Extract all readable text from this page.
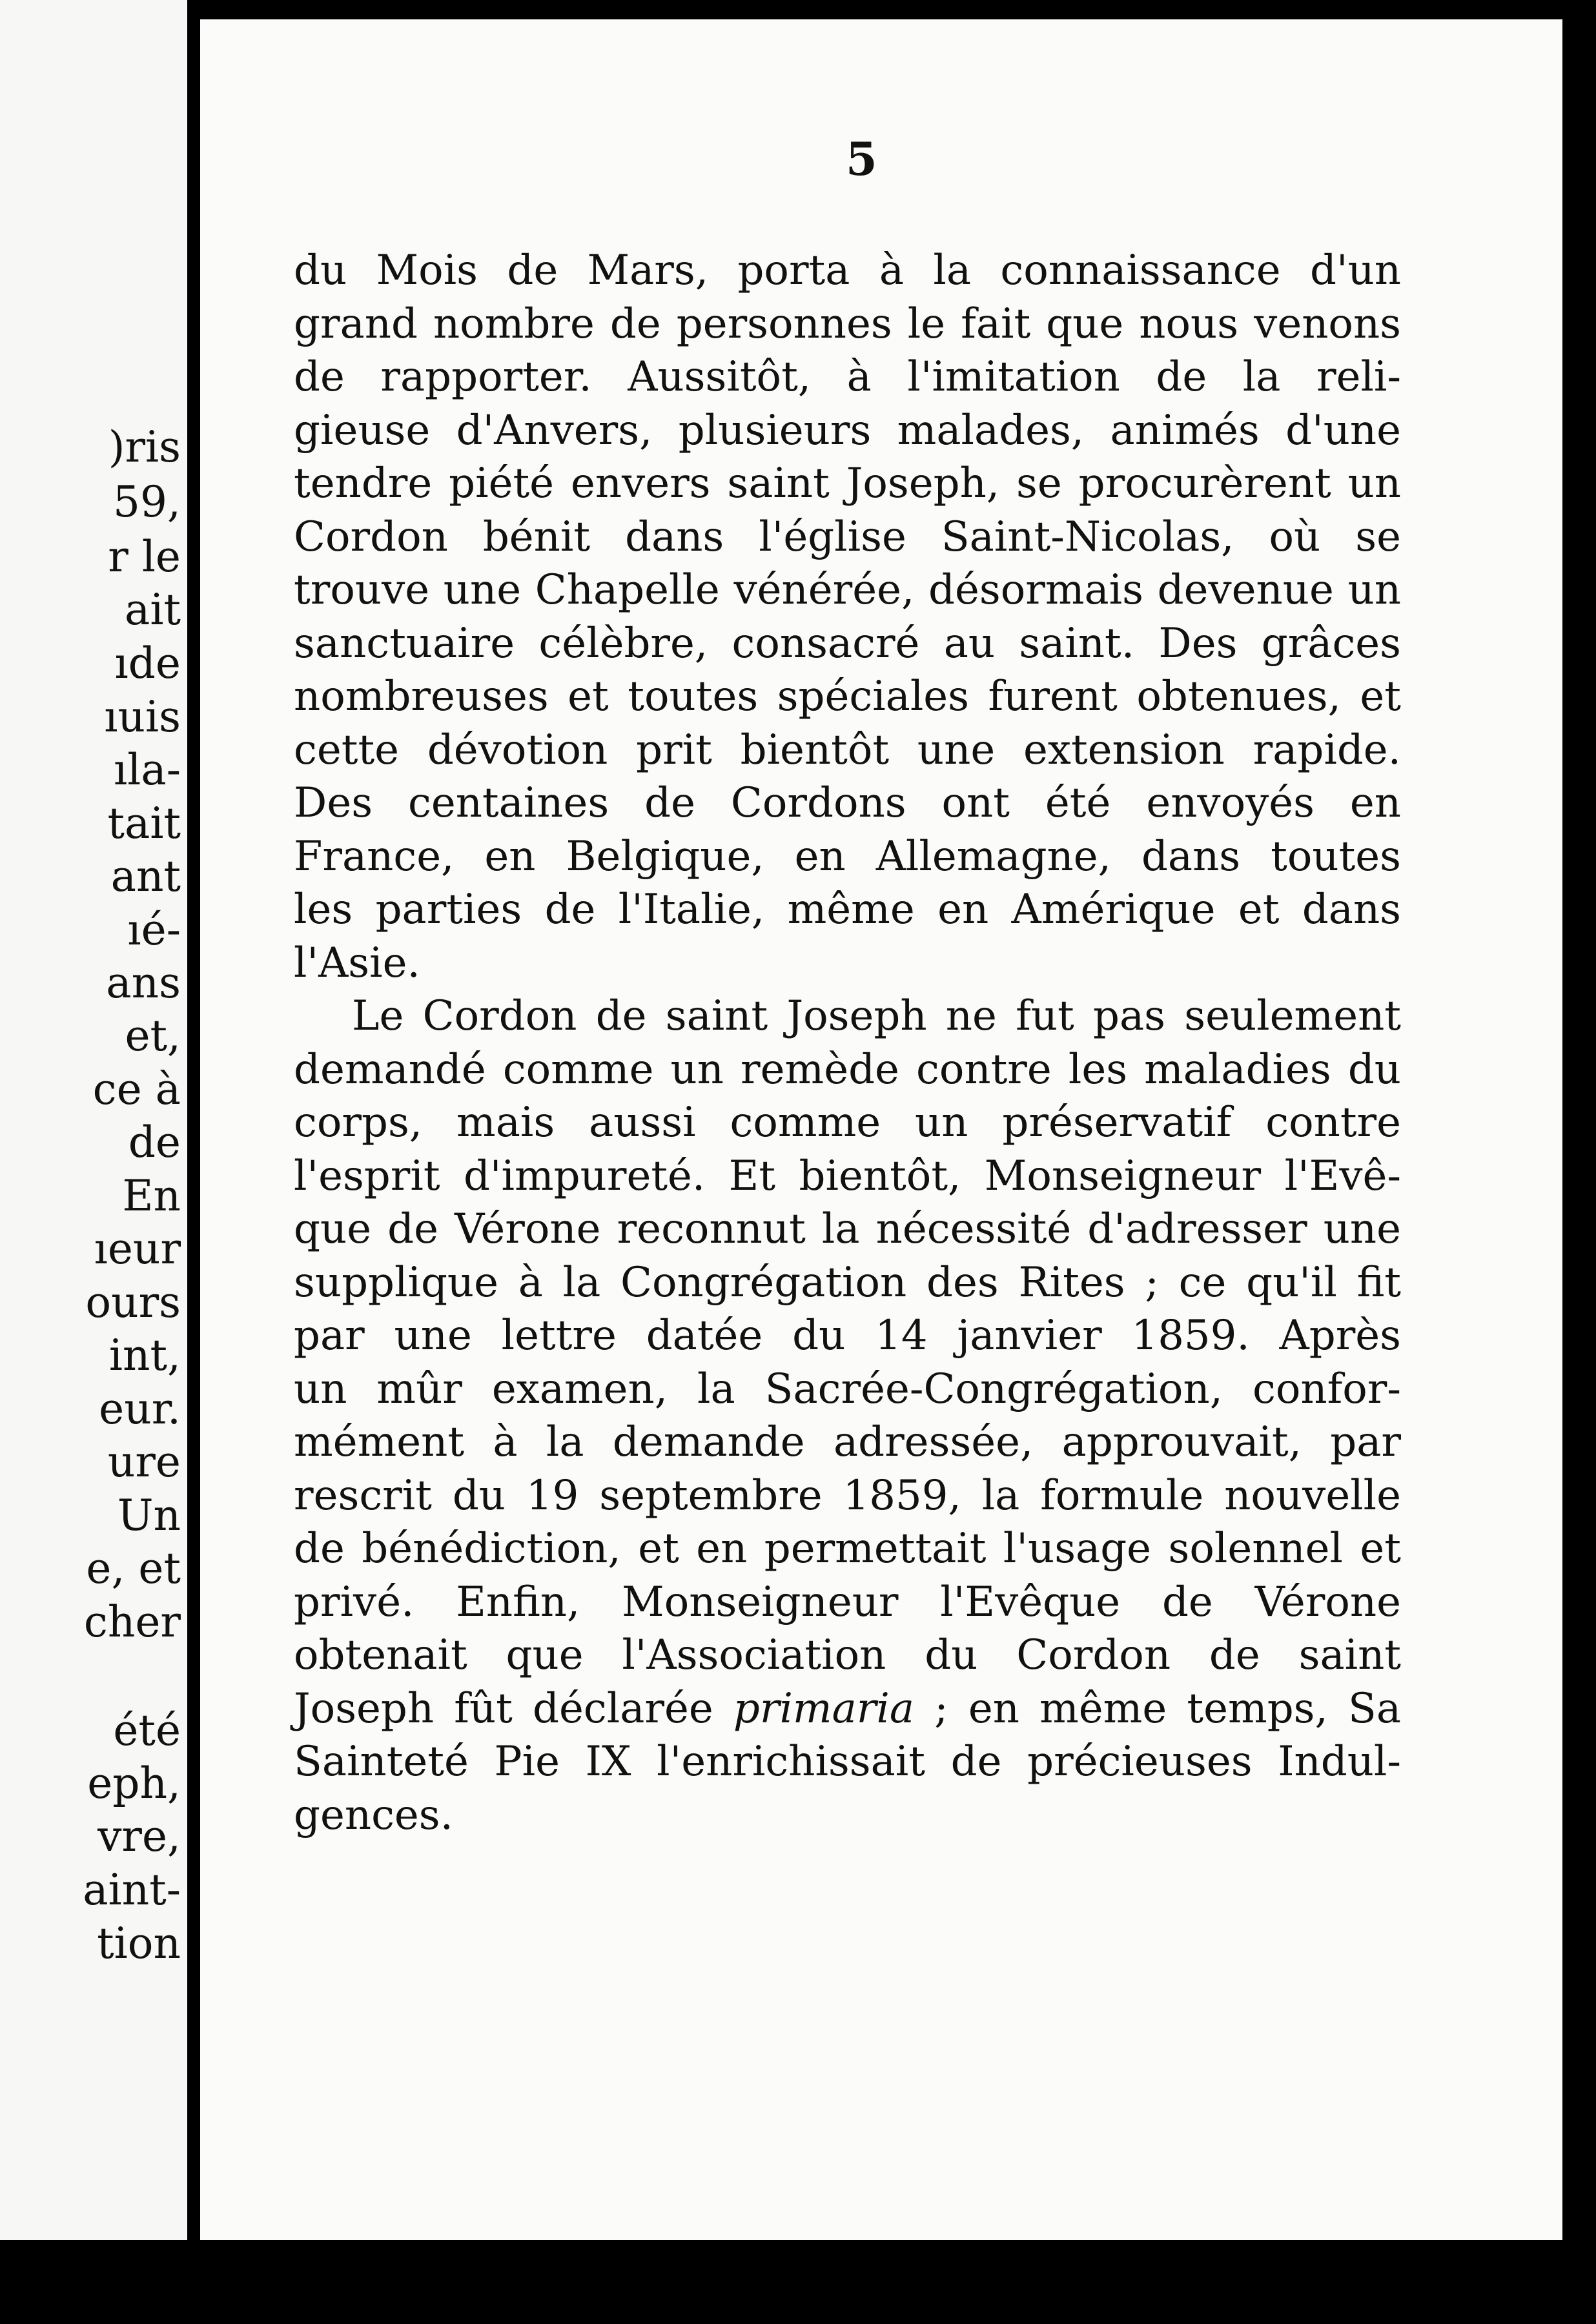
)ris
59,
r le
ait
ıde
ıuis
ıla-
tait
ant
ıé-
ans
et,
ce à
de
En
ıeur
ours
int,
eur.
ure
Un
e, et
cher
été
eph,
vre,
aint-
tion
5
du Mois de Mars, porta à la connaissance d'un
grand nombre de personnes le fait que nous venons
de rapporter. Aussitôt, à l'imitation de la reli-
gieuse d'Anvers, plusieurs malades, animés d'une
tendre piété envers saint Joseph, se procurèrent un
Cordon bénit dans l'église Saint-Nicolas, où se
trouve une Chapelle vénérée, désormais devenue un
sanctuaire célèbre, consacré au saint. Des grâces
nombreuses et toutes spéciales furent obtenues, et
cette dévotion prit bientôt une extension rapide.
Des centaines de Cordons ont été envoyés en
France, en Belgique, en Allemagne, dans toutes
les parties de l'Italie, même en Amérique et dans
l'Asie.
Le Cordon de saint Joseph ne fut pas seulement
demandé comme un remède contre les maladies du
corps, mais aussi comme un préservatif contre
l'esprit d'impureté. Et bientôt, Monseigneur l'Evê-
que de Vérone reconnut la nécessité d'adresser une
supplique à la Congrégation des Rites ; ce qu'il fit
par une lettre datée du 14 janvier 1859. Après
un mûr examen, la Sacrée-Congrégation, confor-
mément à la demande adressée, approuvait, par
rescrit du 19 septembre 1859, la formule nouvelle
de bénédiction, et en permettait l'usage solennel et
privé. Enfin, Monseigneur l'Evêque de Vérone
obtenait que l'Association du Cordon de saint
Joseph fût déclarée primaria ; en même temps, Sa
Sainteté Pie IX l'enrichissait de précieuses Indul-
gences.
